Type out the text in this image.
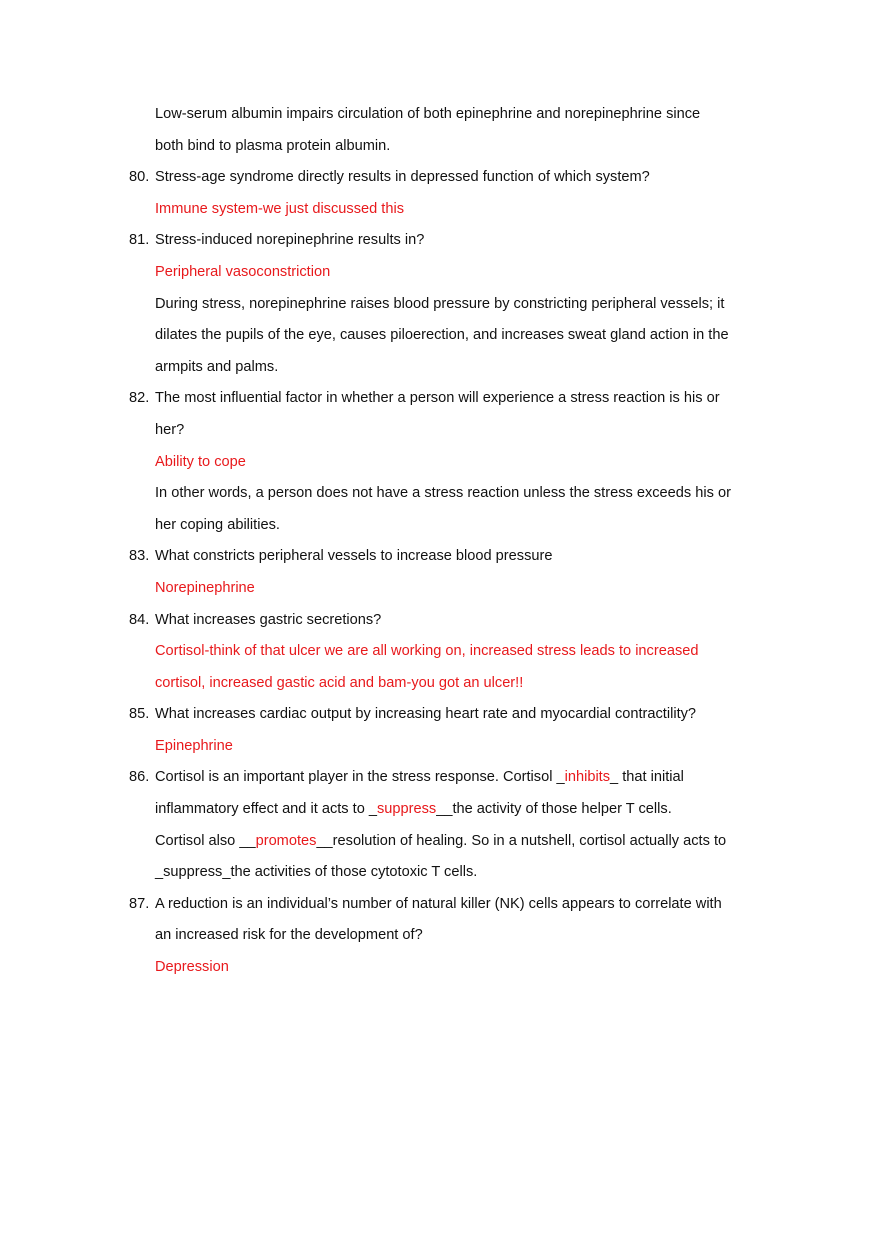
Low-serum albumin impairs circulation of both epinephrine and norepinephrine since
both bind to plasma protein albumin.
80. Stress-age syndrome directly results in depressed function of which system?
Immune system-we just discussed this
81. Stress-induced norepinephrine results in?
Peripheral vasoconstriction
During stress, norepinephrine raises blood pressure by constricting peripheral vessels; it
dilates the pupils of the eye, causes piloerection, and increases sweat gland action in the
armpits and palms.
82. The most influential factor in whether a person will experience a stress reaction is his or
her?
Ability to cope
In other words, a person does not have a stress reaction unless the stress exceeds his or
her coping abilities.
83. What constricts peripheral vessels to increase blood pressure
Norepinephrine
84. What increases gastric secretions?
Cortisol-think of that ulcer we are all working on, increased stress leads to increased
cortisol, increased gastic acid and bam-you got an ulcer!!
85. What increases cardiac output by increasing heart rate and myocardial contractility?
Epinephrine
86. Cortisol is an important player in the stress response. Cortisol _inhibits_ that initial
inflammatory effect and it acts to _suppress__the activity of those helper T cells.
Cortisol also __promotes__resolution of healing. So in a nutshell, cortisol actually acts to
_suppress_the activities of those cytotoxic T cells.
87. A reduction is an individual’s number of natural killer (NK) cells appears to correlate with
an increased risk for the development of?
Depression
